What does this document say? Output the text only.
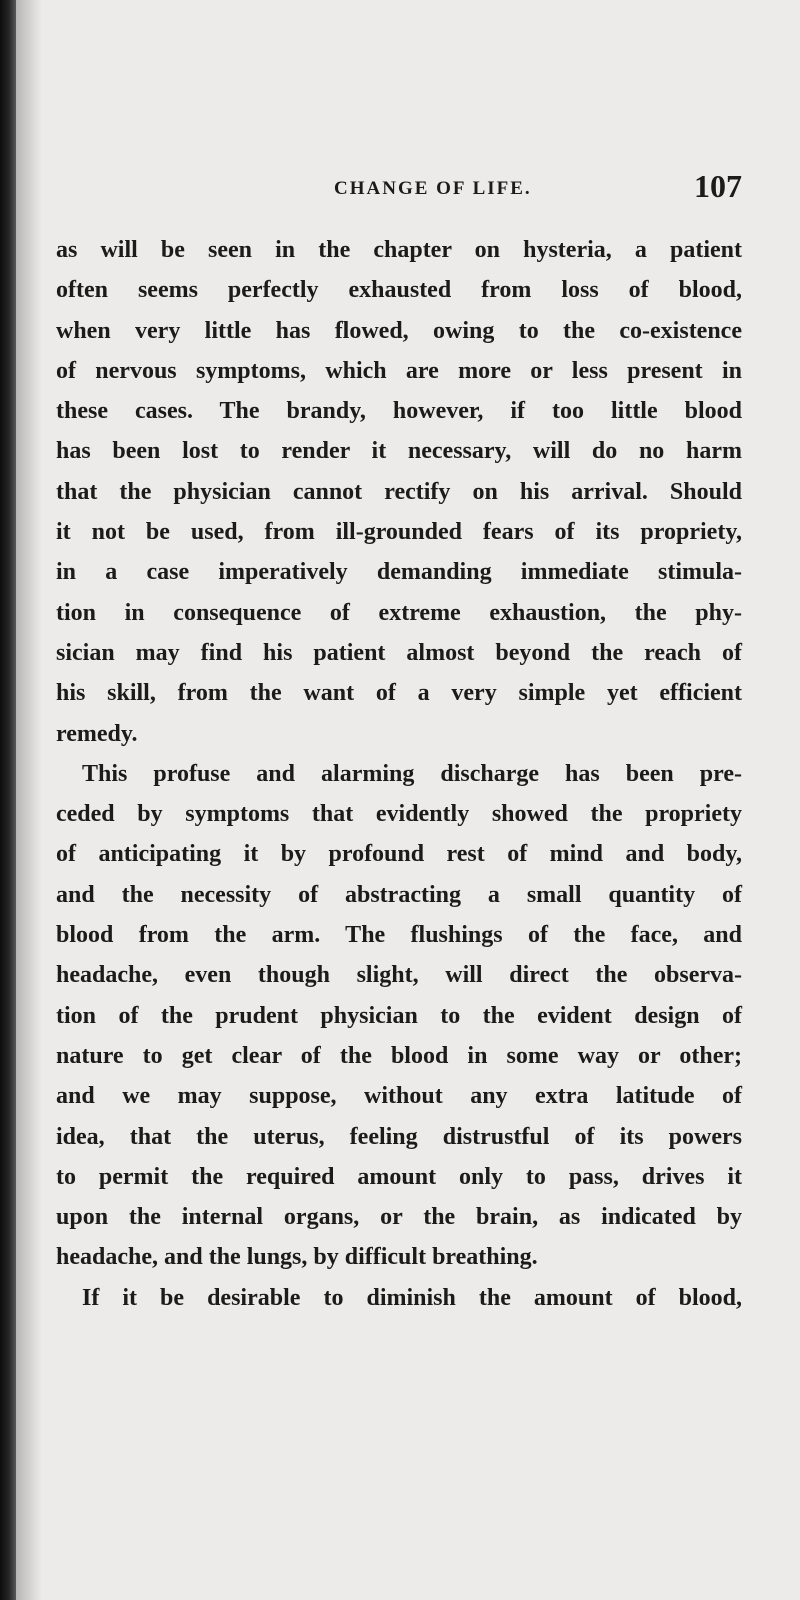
CHANGE OF LIFE.	107
as will be seen in the chapter on hysteria, a patient
often seems perfectly exhausted from loss of blood,
when very little has flowed, owing to the co-existence
of nervous symptoms, which are more or less present in
these cases. The brandy, however, if too little blood
has been lost to render it necessary, will do no harm
that the physician cannot rectify on his arrival. Should
it not be used, from ill-grounded fears of its propriety,
in a case imperatively demanding immediate stimula-
tion in consequence of extreme exhaustion, the phy-
sician may find his patient almost beyond the reach of
his skill, from the want of a very simple yet efficient
remedy.
This profuse and alarming discharge has been pre-
ceded by symptoms that evidently showed the propriety
of anticipating it by profound rest of mind and body,
and the necessity of abstracting a small quantity of
blood from the arm. The flushings of the face, and
headache, even though slight, will direct the observa-
tion of the prudent physician to the evident design of
nature to get clear of the blood in some way or other;
and we may suppose, without any extra latitude of
idea, that the uterus, feeling distrustful of its powers
to permit the required amount only to pass, drives it
upon the internal organs, or the brain, as indicated by
headache, and the lungs, by difficult breathing.
If it be desirable to diminish the amount of blood,
